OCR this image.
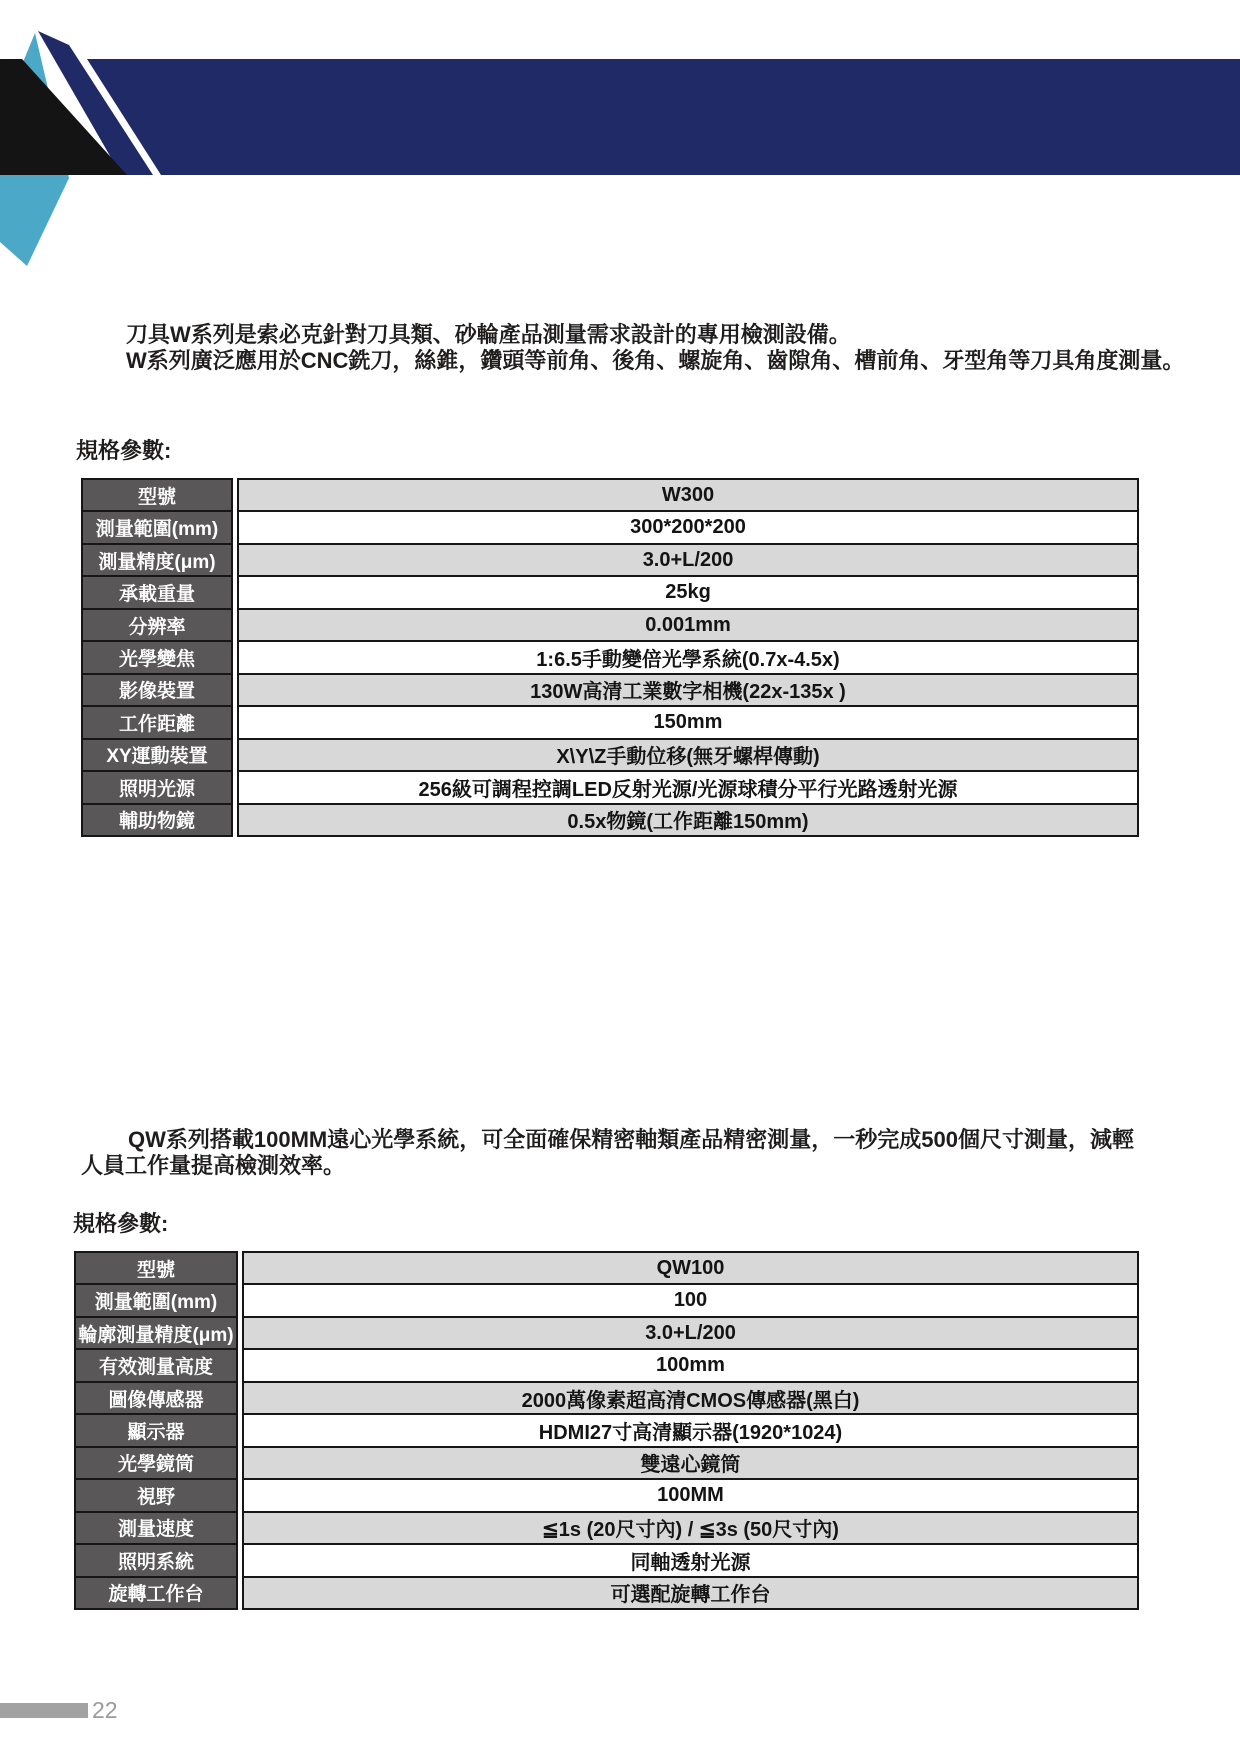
刀具W系列是索必克針對刀具類、砂輪產品測量需求設計的專用檢測設備。
W系列廣泛應用於CNC銑刀，絲錐，鑽頭等前角、後角、螺旋角、齒隙角、槽前角、牙型角等刀具角度測量。
規格參數:
型號
測量範圍(mm)
測量精度(μm)
承載重量
分辨率
光學變焦
影像裝置
工作距離
XY運動裝置
照明光源
輔助物鏡
W300
300*200*200
3.0+L/200
25kg
0.001mm
1:6.5手動變倍光學系統(0.7x-4.5x)
130W高清工業數字相機(22x-135x )
150mm
X\Y\Z手動位移(無牙螺桿傳動)
256級可調程控調LED反射光源/光源球積分平行光路透射光源
0.5x物鏡(工作距離150mm)
QW系列搭載100MM遠心光學系統，可全面確保精密軸類產品精密測量，一秒完成500個尺寸測量，減輕
人員工作量提高檢測效率。
規格參數:
型號
測量範圍(mm)
輪廓測量精度(μm)
有效測量高度
圖像傳感器
顯示器
光學鏡筒
視野
測量速度
照明系統
旋轉工作台
QW100
100
3.0+L/200
100mm
2000萬像素超高清CMOS傳感器(黑白)
HDMI27寸高清顯示器(1920*1024)
雙遠心鏡筒
100MM
≦1s (20尺寸內) / ≦3s (50尺寸內)
同軸透射光源
可選配旋轉工作台
22
